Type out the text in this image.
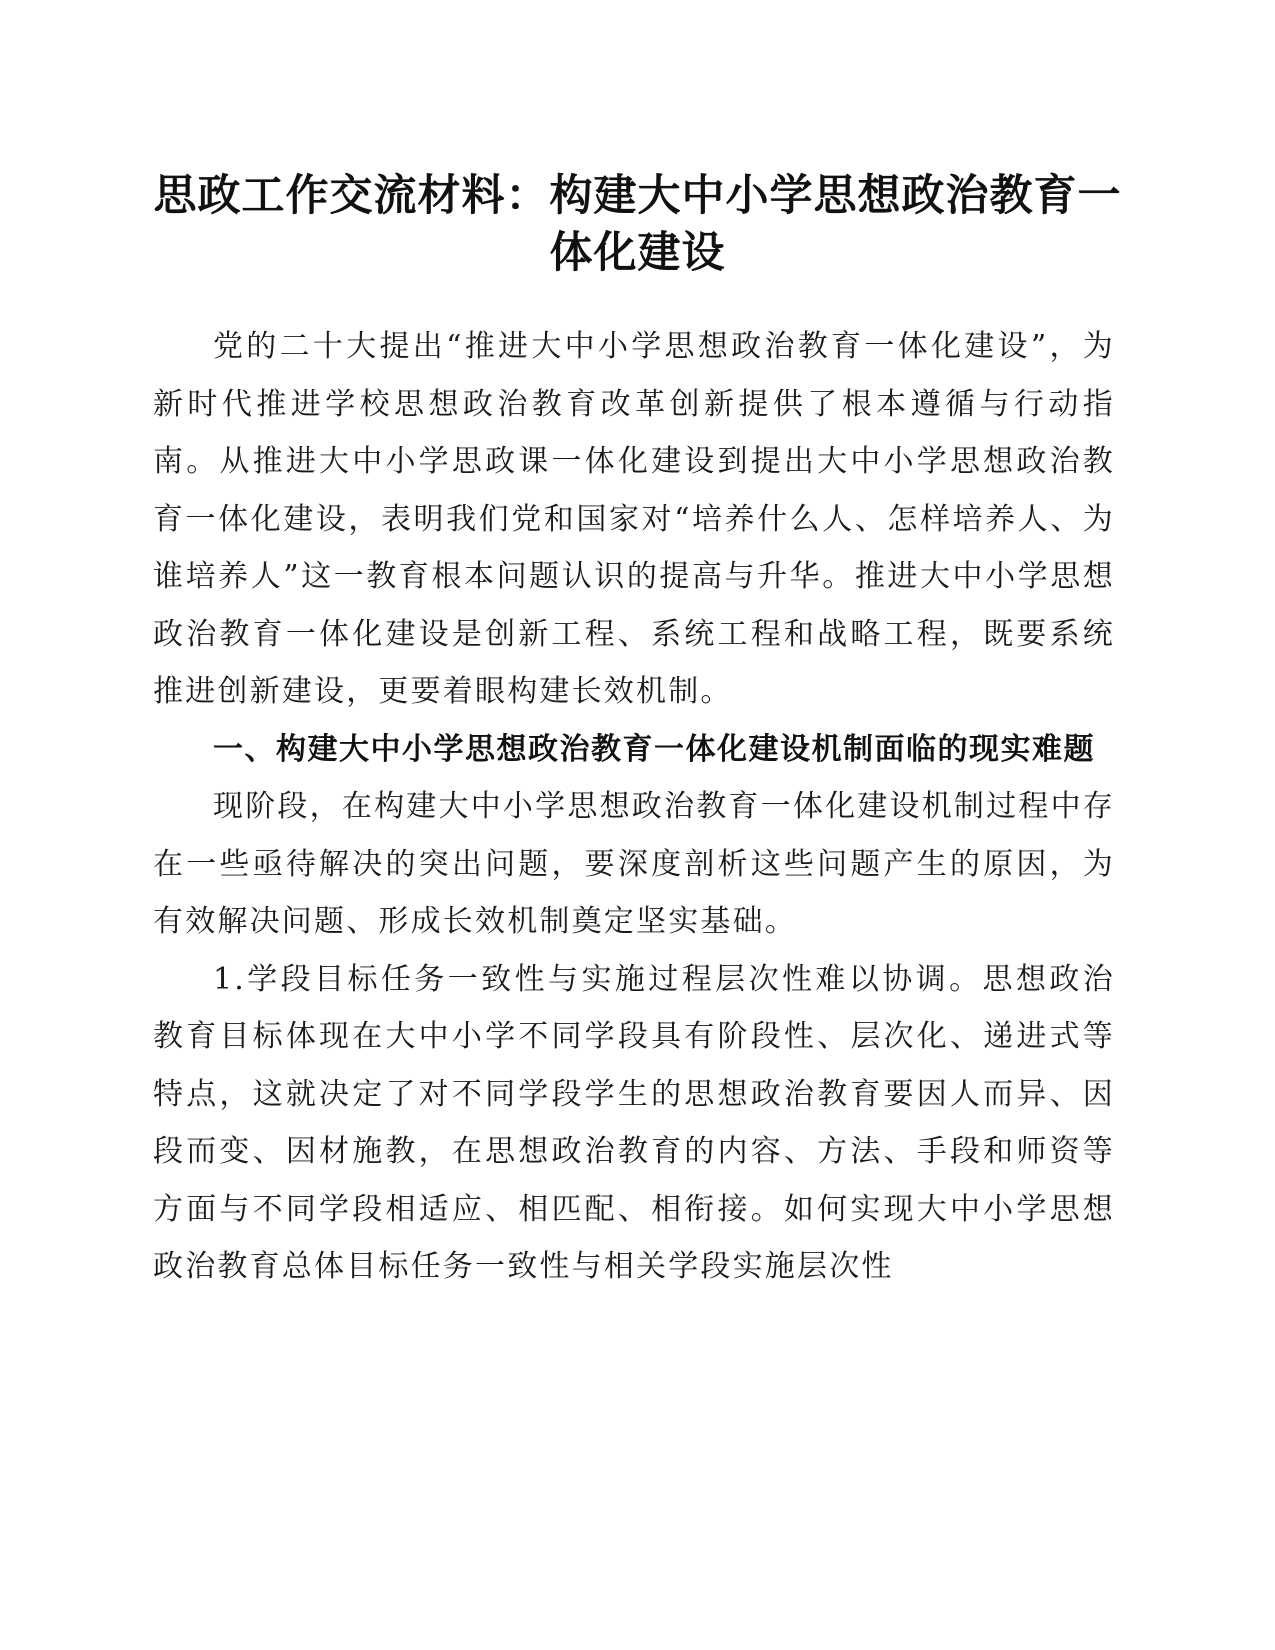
思政工作交流材料：构建大中小学思想政治教育一体化建设

党的二十大提出“推进大中小学思想政治教育一体化建设”，为新时代推进学校思想政治教育改革创新提供了根本遵循与行动指南。从推进大中小学思政课一体化建设到提出大中小学思想政治教育一体化建设，表明我们党和国家对“培养什么人、怎样培养人、为谁培养人”这一教育根本问题认识的提高与升华。推进大中小学思想政治教育一体化建设是创新工程、系统工程和战略工程，既要系统推进创新建设，更要着眼构建长效机制。

一、构建大中小学思想政治教育一体化建设机制面临的现实难题

现阶段，在构建大中小学思想政治教育一体化建设机制过程中存在一些亟待解决的突出问题，要深度剖析这些问题产生的原因，为有效解决问题、形成长效机制奠定坚实基础。

1.学段目标任务一致性与实施过程层次性难以协调。思想政治教育目标体现在大中小学不同学段具有阶段性、层次化、递进式等特点，这就决定了对不同学段学生的思想政治教育要因人而异、因段而变、因材施教，在思想政治教育的内容、方法、手段和师资等方面与不同学段相适应、相匹配、相衔接。如何实现大中小学思想政治教育总体目标任务一致性与相关学段实施层次性
